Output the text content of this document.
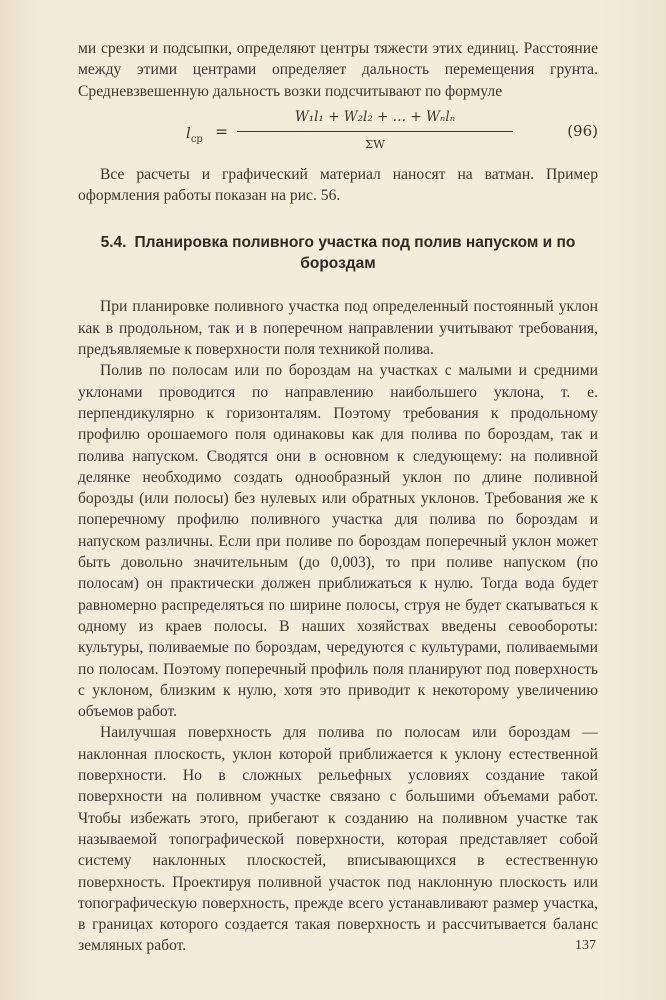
ми срезки и подсыпки, определяют центры тяжести этих единиц. Расстояние между этими центрами определяет дальность перемещения грунта. Средневзвешенную дальность возки подсчитывают по формуле

$l_{ср}$ =
W₁l₁ + W₂l₂ + … + Wₙlₙ
ΣW
(96)

Все расчеты и графический материал наносят на ватман. Пример оформления работы показан на рис. 56.

5.4. Планировка поливного участка под полив напуском и по бороздам

При планировке поливного участка под определенный постоянный уклон как в продольном, так и в поперечном направлении учитывают требования, предъявляемые к поверхности поля техникой полива.

Полив по полосам или по бороздам на участках с малыми и средними уклонами проводится по направлению наибольшего уклона, т. е. перпендикулярно к горизонталям. Поэтому требования к продольному профилю орошаемого поля одинаковы как для полива по бороздам, так и полива напуском. Сводятся они в основном к следующему: на поливной делянке необходимо создать однообразный уклон по длине поливной борозды (или полосы) без нулевых или обратных уклонов. Требования же к поперечному профилю поливного участка для полива по бороздам и напуском различны. Если при поливе по бороздам поперечный уклон может быть довольно значительным (до 0,003), то при поливе напуском (по полосам) он практически должен приближаться к нулю. Тогда вода будет равномерно распределяться по ширине полосы, струя не будет скатываться к одному из краев полосы. В наших хозяйствах введены севообороты: культуры, поливаемые по бороздам, чередуются с культурами, поливаемыми по полосам. Поэтому поперечный профиль поля планируют под поверхность с уклоном, близким к нулю, хотя это приводит к некоторому увеличению объемов работ.

Наилучшая поверхность для полива по полосам или бороздам — наклонная плоскость, уклон которой приближается к уклону естественной поверхности. Но в сложных рельефных условиях создание такой поверхности на поливном участке связано с большими объемами работ. Чтобы избежать этого, прибегают к созданию на поливном участке так называемой топографической поверхности, которая представляет собой систему наклонных плоскостей, вписывающихся в естественную поверхность. Проектируя поливной участок под наклонную плоскость или топографическую поверхность, прежде всего устанавливают размер участка, в границах которого создается такая поверхность и рассчитывается баланс земляных работ.	137
